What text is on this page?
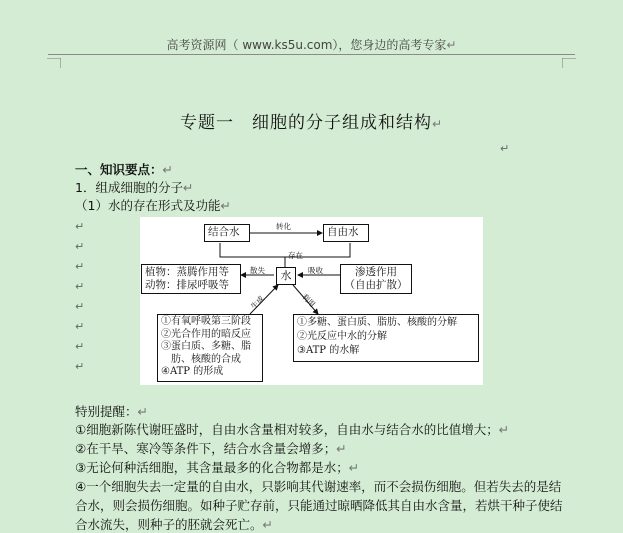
高考资源网（ www.ks5u.com），您身边的高考专家↵
专题一　细胞的分子组成和结构↵
↵
一、知识要点：↵
1．组成细胞的分子↵
（1）水的存在形式及功能↵
↵
↵
↵
↵
↵
↵
↵
↵
结合水	自由水
转化
存在
水
植物：蒸腾作用等
动物：排尿呼吸等
散失	吸收	渗透作用
（自由扩散）
生成	利用
①有氧呼吸第三阶段
②光合作用的暗反应
③蛋白质、多糖、脂
　肪、核酸的合成
④ATP 的形成
①多糖、蛋白质、脂肪、核酸的分解
②光反应中水的分解
③ATP 的水解
特别提醒：↵
①细胞新陈代谢旺盛时，自由水含量相对较多，自由水与结合水的比值增大；↵
②在干旱、寒冷等条件下，结合水含量会增多；↵
③无论何种活细胞，其含量最多的化合物都是水；↵
④一个细胞失去一定量的自由水，只影响其代谢速率，而不会损伤细胞。但若失去的是结
合水，则会损伤细胞。如种子贮存前，只能通过晾晒降低其自由水含量，若烘干种子使结
合水流失，则种子的胚就会死亡。↵
